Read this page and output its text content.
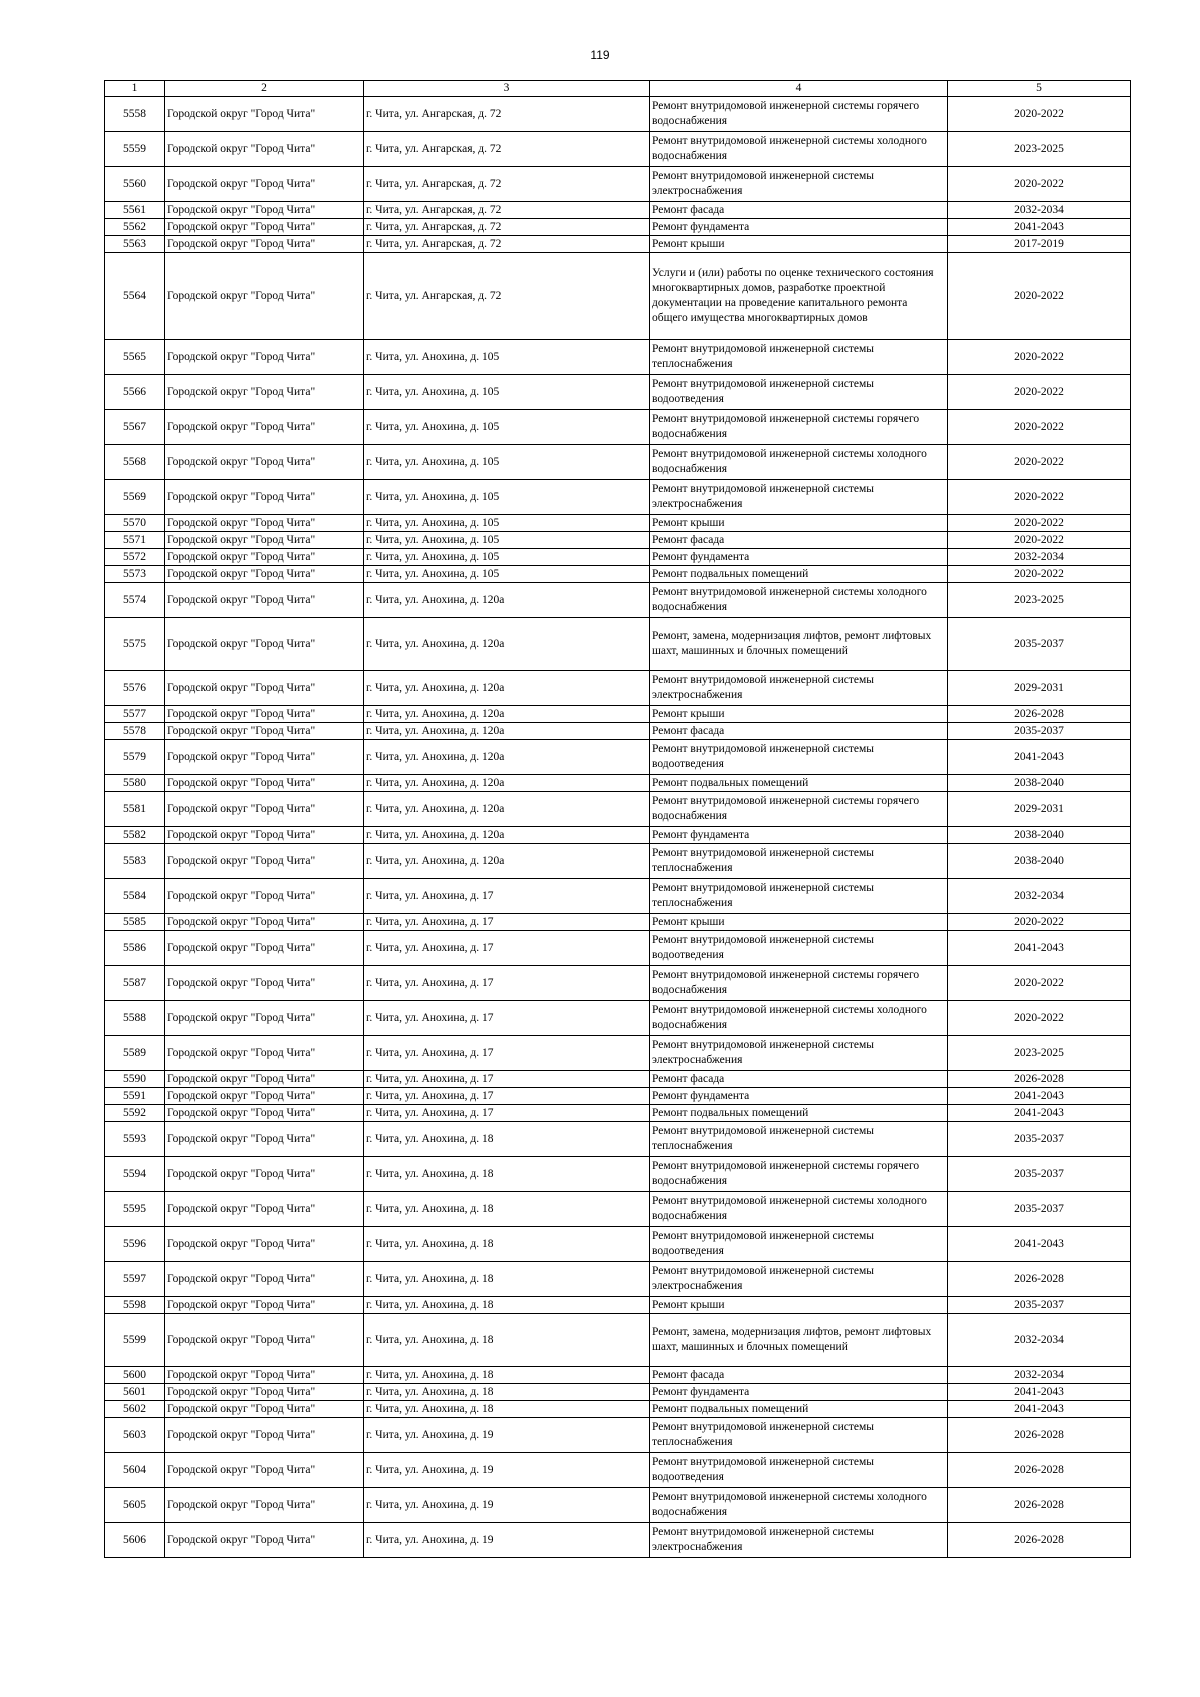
119
1	2	3	4	5
5558	Городской округ "Город Чита"	г. Чита, ул. Ангарская, д. 72	Ремонт внутридомовой инженерной системы горячего водоснабжения	2020-2022
5559	Городской округ "Город Чита"	г. Чита, ул. Ангарская, д. 72	Ремонт внутридомовой инженерной системы холодного водоснабжения	2023-2025
5560	Городской округ "Город Чита"	г. Чита, ул. Ангарская, д. 72	Ремонт внутридомовой инженерной системы электроснабжения	2020-2022
5561	Городской округ "Город Чита"	г. Чита, ул. Ангарская, д. 72	Ремонт фасада	2032-2034
5562	Городской округ "Город Чита"	г. Чита, ул. Ангарская, д. 72	Ремонт фундамента	2041-2043
5563	Городской округ "Город Чита"	г. Чита, ул. Ангарская, д. 72	Ремонт крыши	2017-2019
5564	Городской округ "Город Чита"	г. Чита, ул. Ангарская, д. 72	Услуги и (или) работы по оценке технического состояния многоквартирных домов, разработке проектной документации на проведение капитального ремонта общего имущества многоквартирных домов	2020-2022
5565	Городской округ "Город Чита"	г. Чита, ул. Анохина, д. 105	Ремонт внутридомовой инженерной системы теплоснабжения	2020-2022
5566	Городской округ "Город Чита"	г. Чита, ул. Анохина, д. 105	Ремонт внутридомовой инженерной системы водоотведения	2020-2022
5567	Городской округ "Город Чита"	г. Чита, ул. Анохина, д. 105	Ремонт внутридомовой инженерной системы горячего водоснабжения	2020-2022
5568	Городской округ "Город Чита"	г. Чита, ул. Анохина, д. 105	Ремонт внутридомовой инженерной системы холодного водоснабжения	2020-2022
5569	Городской округ "Город Чита"	г. Чита, ул. Анохина, д. 105	Ремонт внутридомовой инженерной системы электроснабжения	2020-2022
5570	Городской округ "Город Чита"	г. Чита, ул. Анохина, д. 105	Ремонт крыши	2020-2022
5571	Городской округ "Город Чита"	г. Чита, ул. Анохина, д. 105	Ремонт фасада	2020-2022
5572	Городской округ "Город Чита"	г. Чита, ул. Анохина, д. 105	Ремонт фундамента	2032-2034
5573	Городской округ "Город Чита"	г. Чита, ул. Анохина, д. 105	Ремонт подвальных помещений	2020-2022
5574	Городской округ "Город Чита"	г. Чита, ул. Анохина, д. 120а	Ремонт внутридомовой инженерной системы холодного водоснабжения	2023-2025
5575	Городской округ "Город Чита"	г. Чита, ул. Анохина, д. 120а	Ремонт, замена, модернизация лифтов, ремонт лифтовых шахт, машинных и блочных помещений	2035-2037
5576	Городской округ "Город Чита"	г. Чита, ул. Анохина, д. 120а	Ремонт внутридомовой инженерной системы электроснабжения	2029-2031
5577	Городской округ "Город Чита"	г. Чита, ул. Анохина, д. 120а	Ремонт крыши	2026-2028
5578	Городской округ "Город Чита"	г. Чита, ул. Анохина, д. 120а	Ремонт фасада	2035-2037
5579	Городской округ "Город Чита"	г. Чита, ул. Анохина, д. 120а	Ремонт внутридомовой инженерной системы водоотведения	2041-2043
5580	Городской округ "Город Чита"	г. Чита, ул. Анохина, д. 120а	Ремонт подвальных помещений	2038-2040
5581	Городской округ "Город Чита"	г. Чита, ул. Анохина, д. 120а	Ремонт внутридомовой инженерной системы горячего водоснабжения	2029-2031
5582	Городской округ "Город Чита"	г. Чита, ул. Анохина, д. 120а	Ремонт фундамента	2038-2040
5583	Городской округ "Город Чита"	г. Чита, ул. Анохина, д. 120а	Ремонт внутридомовой инженерной системы теплоснабжения	2038-2040
5584	Городской округ "Город Чита"	г. Чита, ул. Анохина, д. 17	Ремонт внутридомовой инженерной системы теплоснабжения	2032-2034
5585	Городской округ "Город Чита"	г. Чита, ул. Анохина, д. 17	Ремонт крыши	2020-2022
5586	Городской округ "Город Чита"	г. Чита, ул. Анохина, д. 17	Ремонт внутридомовой инженерной системы водоотведения	2041-2043
5587	Городской округ "Город Чита"	г. Чита, ул. Анохина, д. 17	Ремонт внутридомовой инженерной системы горячего водоснабжения	2020-2022
5588	Городской округ "Город Чита"	г. Чита, ул. Анохина, д. 17	Ремонт внутридомовой инженерной системы холодного водоснабжения	2020-2022
5589	Городской округ "Город Чита"	г. Чита, ул. Анохина, д. 17	Ремонт внутридомовой инженерной системы электроснабжения	2023-2025
5590	Городской округ "Город Чита"	г. Чита, ул. Анохина, д. 17	Ремонт фасада	2026-2028
5591	Городской округ "Город Чита"	г. Чита, ул. Анохина, д. 17	Ремонт фундамента	2041-2043
5592	Городской округ "Город Чита"	г. Чита, ул. Анохина, д. 17	Ремонт подвальных помещений	2041-2043
5593	Городской округ "Город Чита"	г. Чита, ул. Анохина, д. 18	Ремонт внутридомовой инженерной системы теплоснабжения	2035-2037
5594	Городской округ "Город Чита"	г. Чита, ул. Анохина, д. 18	Ремонт внутридомовой инженерной системы горячего водоснабжения	2035-2037
5595	Городской округ "Город Чита"	г. Чита, ул. Анохина, д. 18	Ремонт внутридомовой инженерной системы холодного водоснабжения	2035-2037
5596	Городской округ "Город Чита"	г. Чита, ул. Анохина, д. 18	Ремонт внутридомовой инженерной системы водоотведения	2041-2043
5597	Городской округ "Город Чита"	г. Чита, ул. Анохина, д. 18	Ремонт внутридомовой инженерной системы электроснабжения	2026-2028
5598	Городской округ "Город Чита"	г. Чита, ул. Анохина, д. 18	Ремонт крыши	2035-2037
5599	Городской округ "Город Чита"	г. Чита, ул. Анохина, д. 18	Ремонт, замена, модернизация лифтов, ремонт лифтовых шахт, машинных и блочных помещений	2032-2034
5600	Городской округ "Город Чита"	г. Чита, ул. Анохина, д. 18	Ремонт фасада	2032-2034
5601	Городской округ "Город Чита"	г. Чита, ул. Анохина, д. 18	Ремонт фундамента	2041-2043
5602	Городской округ "Город Чита"	г. Чита, ул. Анохина, д. 18	Ремонт подвальных помещений	2041-2043
5603	Городской округ "Город Чита"	г. Чита, ул. Анохина, д. 19	Ремонт внутридомовой инженерной системы теплоснабжения	2026-2028
5604	Городской округ "Город Чита"	г. Чита, ул. Анохина, д. 19	Ремонт внутридомовой инженерной системы водоотведения	2026-2028
5605	Городской округ "Город Чита"	г. Чита, ул. Анохина, д. 19	Ремонт внутридомовой инженерной системы холодного водоснабжения	2026-2028
5606	Городской округ "Город Чита"	г. Чита, ул. Анохина, д. 19	Ремонт внутридомовой инженерной системы электроснабжения	2026-2028
